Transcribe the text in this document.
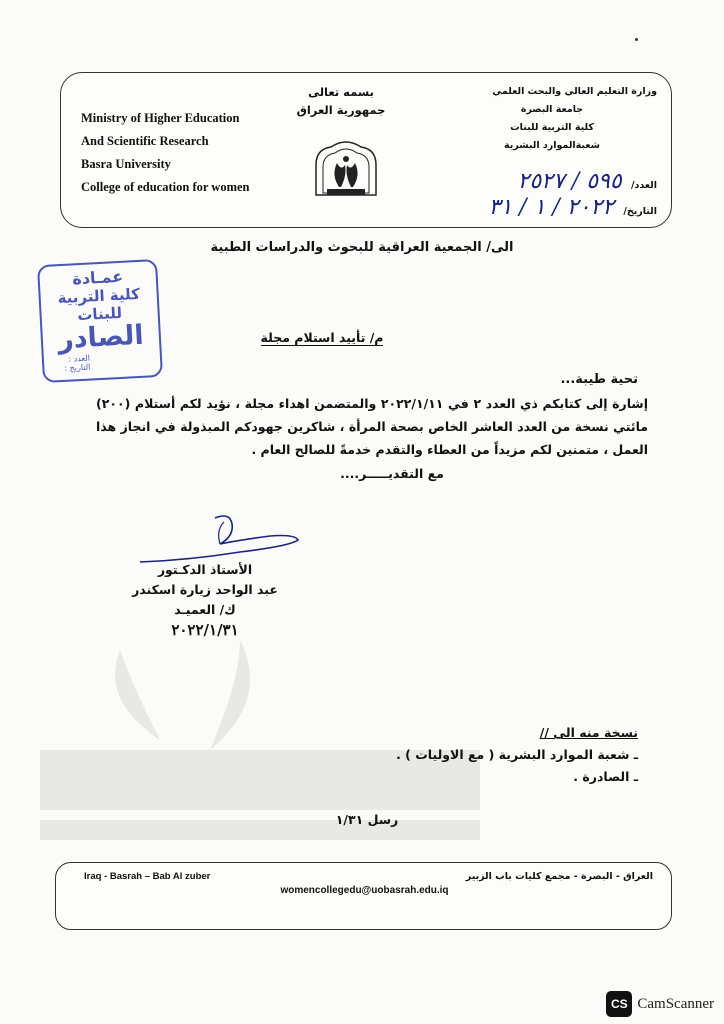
Ministry of Higher Education
And Scientific Research
Basra University
College of education for women
بسمه تعالى
جمهورية العراق
وزارة التعليم العالي والبحث العلمي
جامعة البصرة
كلية التربية للبنات
شعبةالموارد البشرية
العدد/ ٥٩٥ / ٢٥٢٧
التاريخ/ ٢٠٢٢ / ١ / ٣١
الى/ الجمعية العراقية للبحوث والدراسات الطبية
عمـادة
كلية التربية للبنات
الصادر
العدد :
التاريخ :
م/ تأييد استلام مجلة
تحية طيبة...
إشارة إلى كتابكم ذي العدد ٢ في ٢٠٢٢/١/١١ والمتضمن اهداء مجلة ، نؤيد لكم أستلام (٢٠٠) مائتي نسخة من العدد العاشر الخاص بصحة المرأة ، شاكرين جهودكم المبذولة في انجاز هذا العمل ، متمنين لكم مزيداً من العطاء والتقدم خدمةً للصالح العام .
مع التقديـــــر....
الأستاذ الدكـتور
عبد الواحد زيارة اسكندر
ك/ العميـد
٢٠٢٢/١/٣١
نسخة منه الى //
ـ شعبة الموارد البشرية ( مع الاوليات ) .
ـ الصادرة .
رسل ١/٣١
Iraq - Basrah – Bab Al zuber	العراق - البصرة - مجمع كليات باب الزبير
womencollegedu@uobasrah.edu.iq
CS CamScanner
